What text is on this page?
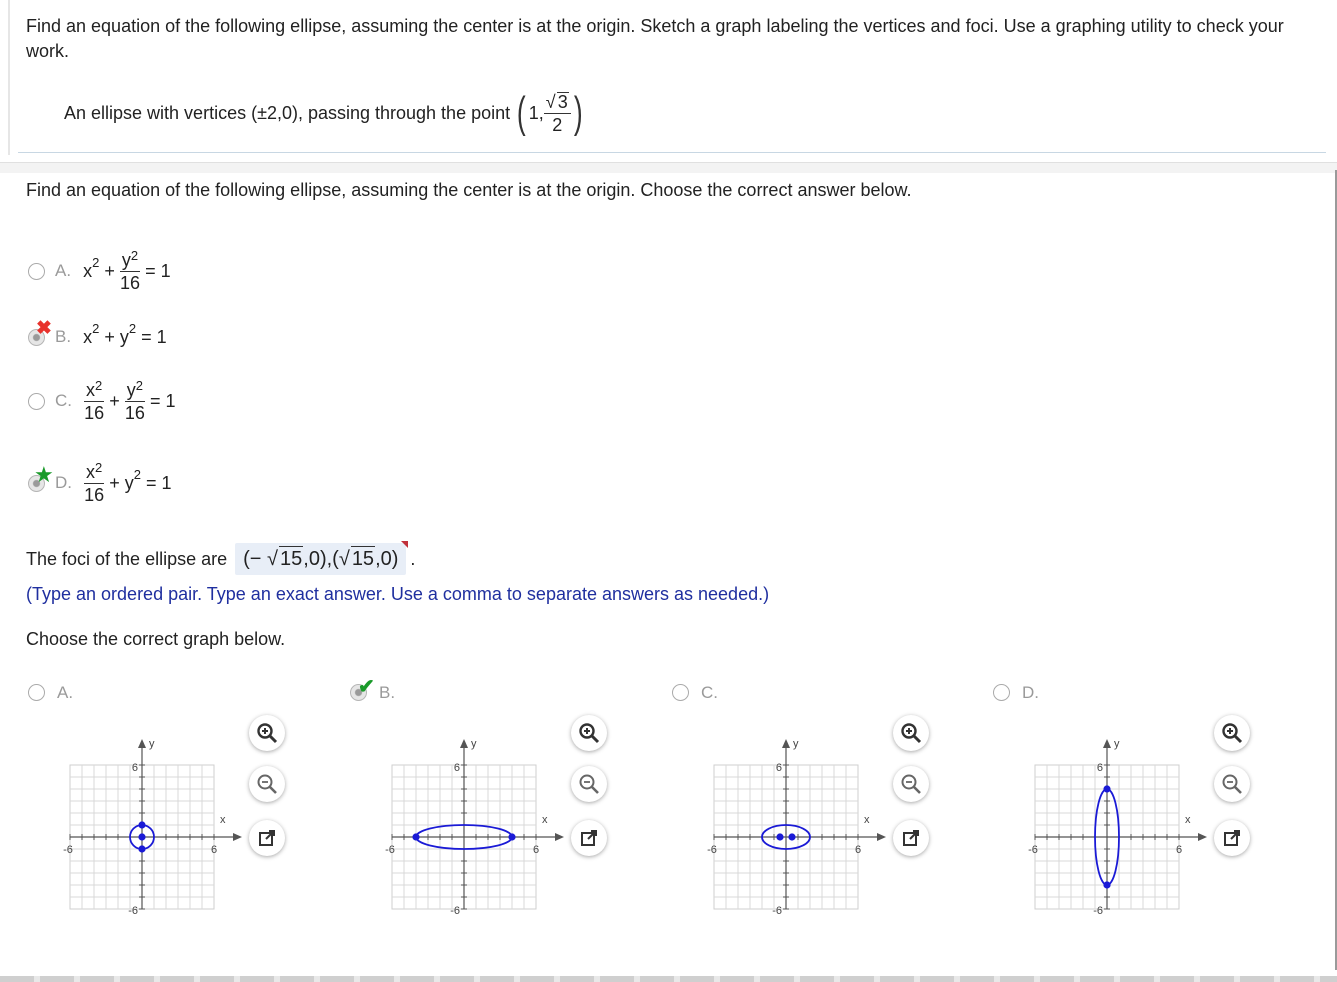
Find an equation of the following ellipse, assuming the center is at the origin. Sketch a graph labeling the vertices and foci. Use a graphing utility to check your work.
An ellipse with vertices (±2,0), passing through the point ( 1, $\frac{√ 3}{2}$ )
Find an equation of the following ellipse, assuming the center is at the origin. Choose the correct answer below.
A. x 2
+
$\frac{y^2}{16}$
= 1
✖ B. x 2
+ y 2
= 1
C. $\frac{x^2}{16}$
+
$\frac{y^2}{16}$
= 1
★ D. $\frac{x^2}{16}$
+ y 2
= 1
The foci of the ellipse are (− √ 15,0),(√ 15,0) .
(Type an ordered pair. Type an exact answer. Use a comma to separate answers as needed.)
Choose the correct graph below.
A.
y
x
6
-6
-6	6
✔ B.
y
x
6
-6
-6	6
C.
y
x
6
-6
-6	6
D.
y
x
6
-6
-6	6
